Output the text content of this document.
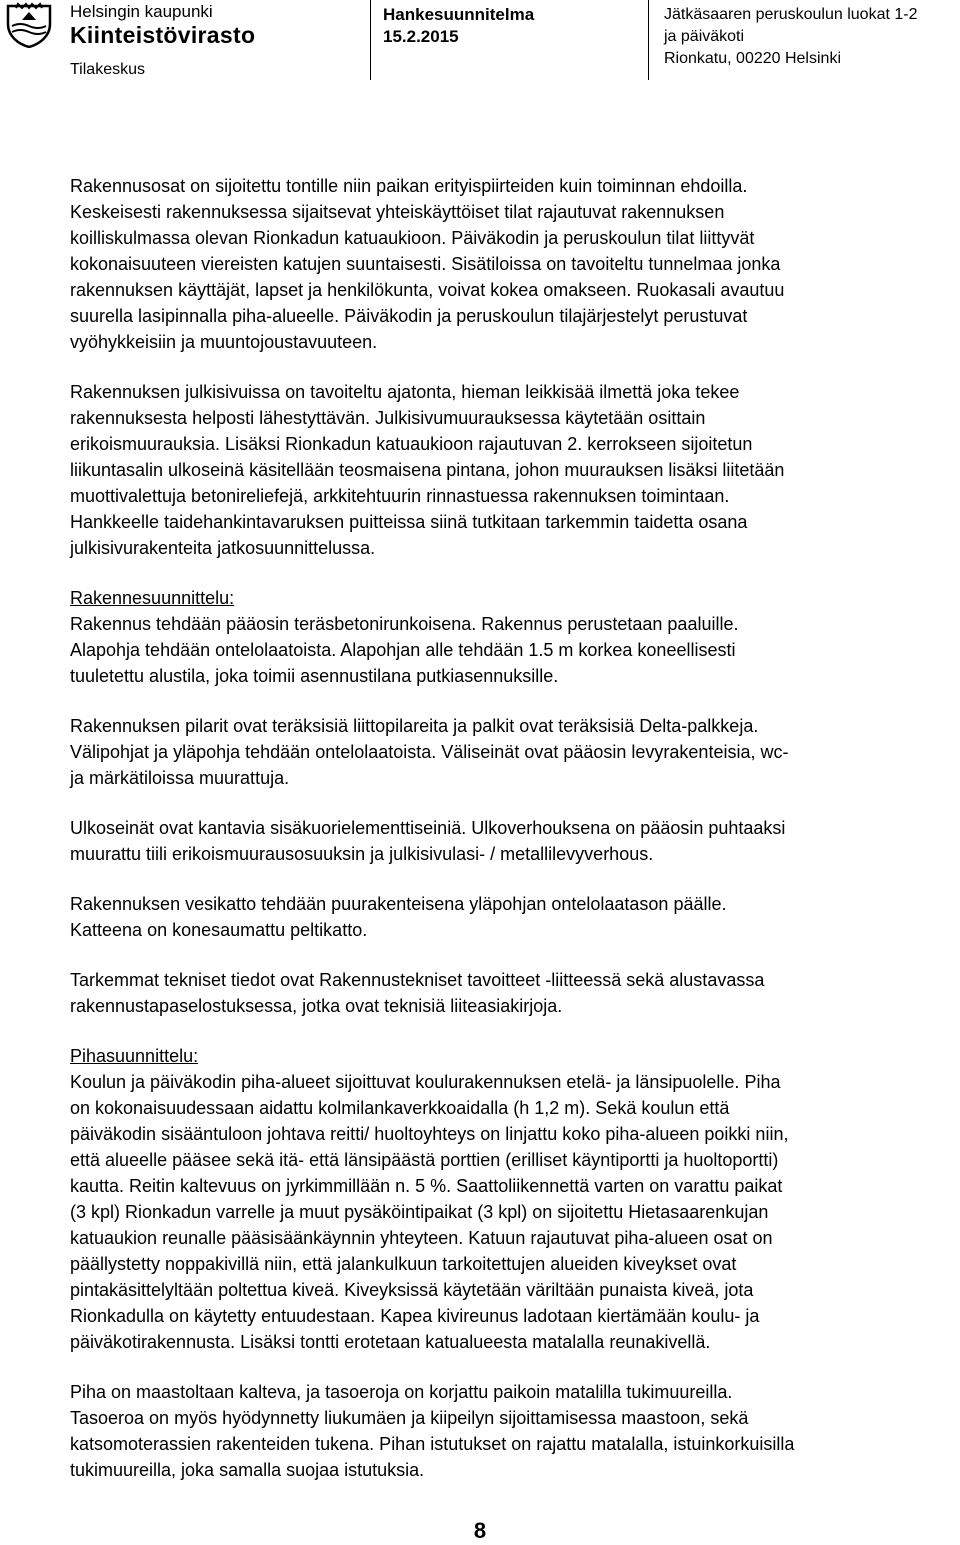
Helsingin kaupunki
Kiinteistövirasto
Tilakeskus
Hankesuunnitelma
15.2.2015
Jätkäsaaren peruskoulun luokat 1-2
ja päiväkoti
Rionkatu, 00220 Helsinki

Rakennusosat on sijoitettu tontille niin paikan erityispiirteiden kuin toiminnan ehdoilla.
Keskeisesti rakennuksessa sijaitsevat yhteiskäyttöiset tilat rajautuvat rakennuksen
koilliskulmassa olevan Rionkadun katuaukioon. Päiväkodin ja peruskoulun tilat liittyvät
kokonaisuuteen viereisten katujen suuntaisesti. Sisätiloissa on tavoiteltu tunnelmaa jonka
rakennuksen käyttäjät, lapset ja henkilökunta, voivat kokea omakseen. Ruokasali avautuu
suurella lasipinnalla piha-alueelle. Päiväkodin ja peruskoulun tilajärjestelyt perustuvat
vyöhykkeisiin ja muuntojoustavuuteen.

Rakennuksen julkisivuissa on tavoiteltu ajatonta, hieman leikkisää ilmettä joka tekee
rakennuksesta helposti lähestyttävän. Julkisivumuurauksessa käytetään osittain
erikoismuurauksia. Lisäksi Rionkadun katuaukioon rajautuvan 2. kerrokseen sijoitetun
liikuntasalin ulkoseinä käsitellään teosmaisena pintana, johon muurauksen lisäksi liitetään
muottivalettuja betonireliefejä, arkkitehtuurin rinnastuessa rakennuksen toimintaan.
Hankkeelle taidehankintavaruksen puitteissa siinä tutkitaan tarkemmin taidetta osana
julkisivurakenteita jatkosuunnittelussa.

Rakennesuunnittelu:

Rakennus tehdään pääosin teräsbetonirunkoisena. Rakennus perustetaan paaluille.
Alapohja tehdään ontelolaatoista. Alapohjan alle tehdään 1.5 m korkea koneellisesti
tuuletettu alustila, joka toimii asennustilana putkiasennuksille.

Rakennuksen pilarit ovat teräksisiä liittopilareita ja palkit ovat teräksisiä Delta-palkkeja.
Välipohjat ja yläpohja tehdään ontelolaatoista. Väliseinät ovat pääosin levyrakenteisia, wc-
ja märkätiloissa muurattuja.

Ulkoseinät ovat kantavia sisäkuorielementtiseiniä. Ulkoverhouksena on pääosin puhtaaksi
muurattu tiili erikoismuurausosuuksin ja julkisivulasi- / metallilevyverhous.

Rakennuksen vesikatto tehdään puurakenteisena yläpohjan ontelolaatason päälle.
Katteena on konesaumattu peltikatto.

Tarkemmat tekniset tiedot ovat Rakennustekniset tavoitteet -liitteessä sekä alustavassa
rakennustapaselostuksessa, jotka ovat teknisiä liiteasiakirjoja.

Pihasuunnittelu:

Koulun ja päiväkodin piha-alueet sijoittuvat koulurakennuksen etelä- ja länsipuolelle. Piha
on kokonaisuudessaan aidattu kolmilankaverkkoaidalla (h 1,2 m). Sekä koulun että
päiväkodin sisääntuloon johtava reitti/ huoltoyhteys on linjattu koko piha-alueen poikki niin,
että alueelle pääsee sekä itä- että länsipäästä porttien (erilliset käyntiportti ja huoltoportti)
kautta. Reitin kaltevuus on jyrkimmillään n. 5 %. Saattoliikennettä varten on varattu paikat
(3 kpl) Rionkadun varrelle ja muut pysäköintipaikat (3 kpl) on sijoitettu Hietasaarenkujan
katuaukion reunalle pääsisäänkäynnin yhteyteen. Katuun rajautuvat piha-alueen osat on
päällystetty noppakivillä niin, että jalankulkuun tarkoitettujen alueiden kiveykset ovat
pintakäsittelyltään poltettua kiveä. Kiveyksissä käytetään väriltään punaista kiveä, jota
Rionkadulla on käytetty entuudestaan. Kapea kivireunus ladotaan kiertämään koulu- ja
päiväkotirakennusta. Lisäksi tontti erotetaan katualueesta matalalla reunakivellä.

Piha on maastoltaan kalteva, ja tasoeroja on korjattu paikoin matalilla tukimuureilla.
Tasoeroa on myös hyödynnetty liukumäen ja kiipeilyn sijoittamisessa maastoon, sekä
katsomoterassien rakenteiden tukena. Pihan istutukset on rajattu matalalla, istuinkorkuisilla
tukimuureilla, joka samalla suojaa istutuksia.

8
